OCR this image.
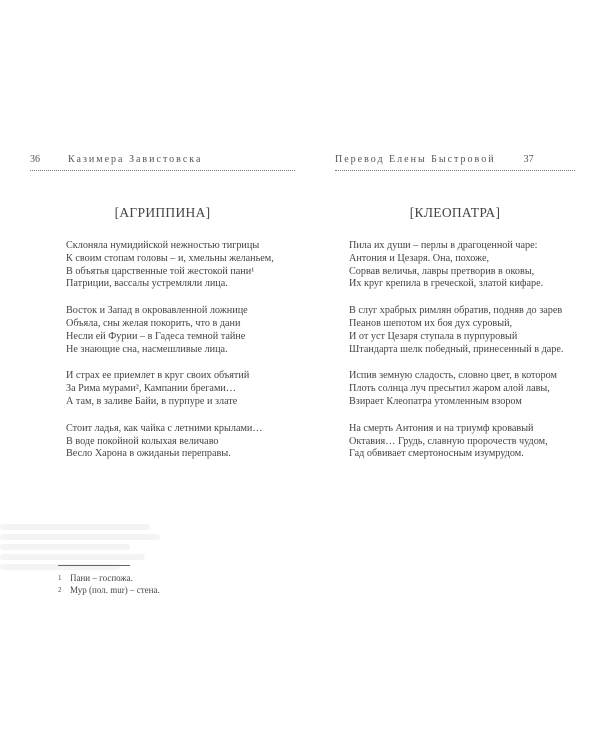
36	Казимера Завистовска
[АГРИППИНА]
Склоняла нумидийской нежностью тигрицы
К своим стопам головы – и, хмельны желаньем,
В объятья царственные той жестокой пани¹
Патриции, вассалы устремляли лица.
Восток и Запад в окровавленной ложнице
Объяла, сны желая покорить, что в дани
Несли ей Фурии – в Гадеса темной тайне
Не знающие сна, насмешливые лица.
И страх ее приемлет в круг своих объятий
За Рима мурами², Кампании брегами…
А там, в заливе Байи, в пурпуре и злате
Стоит ладья, как чайка с летними крылами…
В воде покойной колыхая величаво
Весло Харона в ожиданьи переправы.
1 Пани – госпожа.
2 Мур (пол. mur) – стена.
Перевод Елены Быстровой	37
[КЛЕОПАТРА]
Пила их души – перлы в драгоценной чаре:
Антония и Цезаря. Она, похоже,
Сорвав величья, лавры претворив в оковы,
Их круг крепила в греческой, златой кифаре.
В слуг храбрых римлян обратив, подняв до зарев
Пеанов шепотом их боя дух суровый,
И от уст Цезаря ступала в пурпуровый
Штандарта шелк победный, принесенный в даре.
Испив земную сладость, словно цвет, в котором
Плоть солнца луч пресытил жаром алой лавы,
Взирает Клеопатра утомленным взором
На смерть Антония и на триумф кровавый
Октавия… Грудь, славную пророчеств чудом,
Гад обвивает смертоносным изумрудом.
